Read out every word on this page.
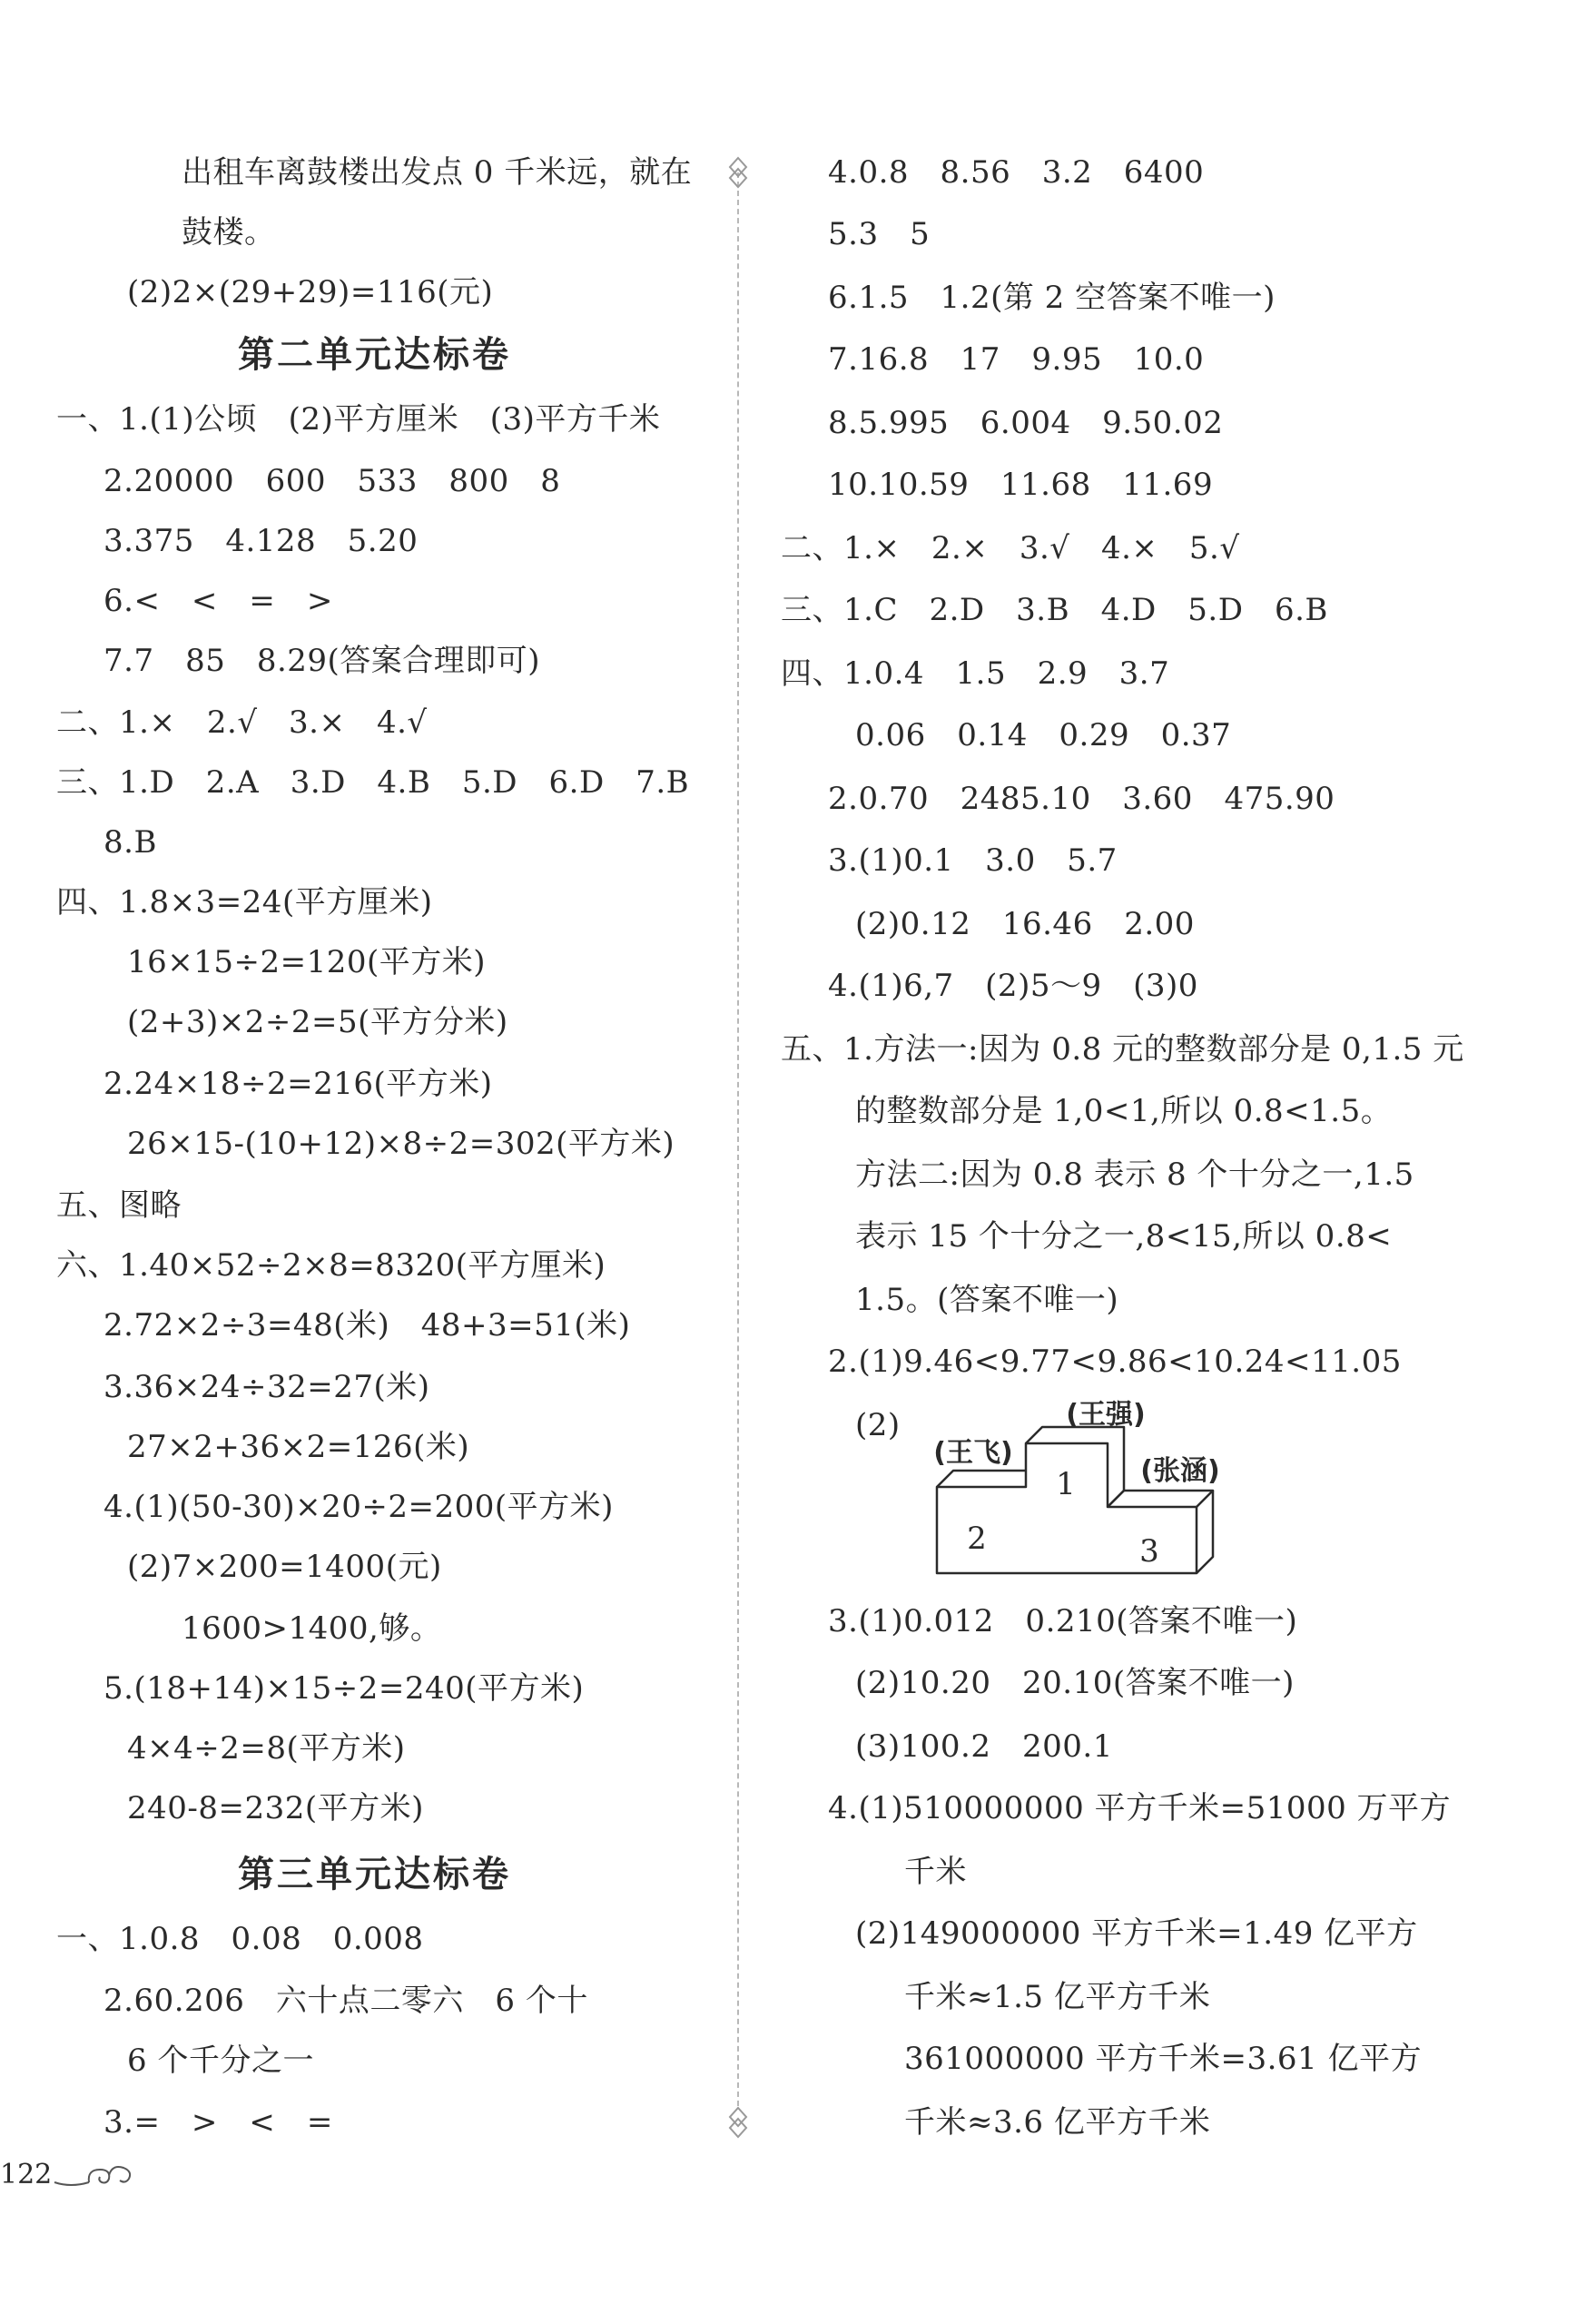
出租车离鼓楼出发点 0 千米远，就在
鼓楼。
(2)2×(29+29)=116(元)
第二单元达标卷
一、1.(1)公顷　(2)平方厘米　(3)平方千米
2.20000　600　533　800　8
3.375　4.128　5.20
6.<　<　=　>
7.7　85　8.29(答案合理即可)
二、1.×　2.√　3.×　4.√
三、1.D　2.A　3.D　4.B　5.D　6.D　7.B
8.B
四、1.8×3=24(平方厘米)
16×15÷2=120(平方米)
(2+3)×2÷2=5(平方分米)
2.24×18÷2=216(平方米)
26×15-(10+12)×8÷2=302(平方米)
五、图略
六、1.40×52÷2×8=8320(平方厘米)
2.72×2÷3=48(米)　48+3=51(米)
3.36×24÷32=27(米)
27×2+36×2=126(米)
4.(1)(50-30)×20÷2=200(平方米)
(2)7×200=1400(元)
1600>1400,够。
5.(18+14)×15÷2=240(平方米)
4×4÷2=8(平方米)
240-8=232(平方米)
第三单元达标卷
一、1.0.8　0.08　0.008
2.60.206　六十点二零六　6 个十
6 个千分之一
3.=　>　<　=
4.0.8　8.56　3.2　6400
5.3　5
6.1.5　1.2(第 2 空答案不唯一)
7.16.8　17　9.95　10.0
8.5.995　6.004　9.50.02
10.10.59　11.68　11.69
二、1.×　2.×　3.√　4.×　5.√
三、1.C　2.D　3.B　4.D　5.D　6.B
四、1.0.4　1.5　2.9　3.7
0.06　0.14　0.29　0.37
2.0.70　2485.10　3.60　475.90
3.(1)0.1　3.0　5.7
(2)0.12　16.46　2.00
4.(1)6,7　(2)5～9　(3)0
五、1.方法一:因为 0.8 元的整数部分是 0,1.5 元
的整数部分是 1,0<1,所以 0.8<1.5。
方法二:因为 0.8 表示 8 个十分之一,1.5
表示 15 个十分之一,8<15,所以 0.8<
1.5。(答案不唯一)
2.(1)9.46<9.77<9.86<10.24<11.05
(2)	(王强)
(王飞)
(张涵)
1
2	3
3.(1)0.012　0.210(答案不唯一)
(2)10.20　20.10(答案不唯一)
(3)100.2　200.1
4.(1)510000000 平方千米=51000 万平方
千米
(2)149000000 平方千米=1.49 亿平方
千米≈1.5 亿平方千米
361000000 平方千米=3.61 亿平方
千米≈3.6 亿平方千米
122
